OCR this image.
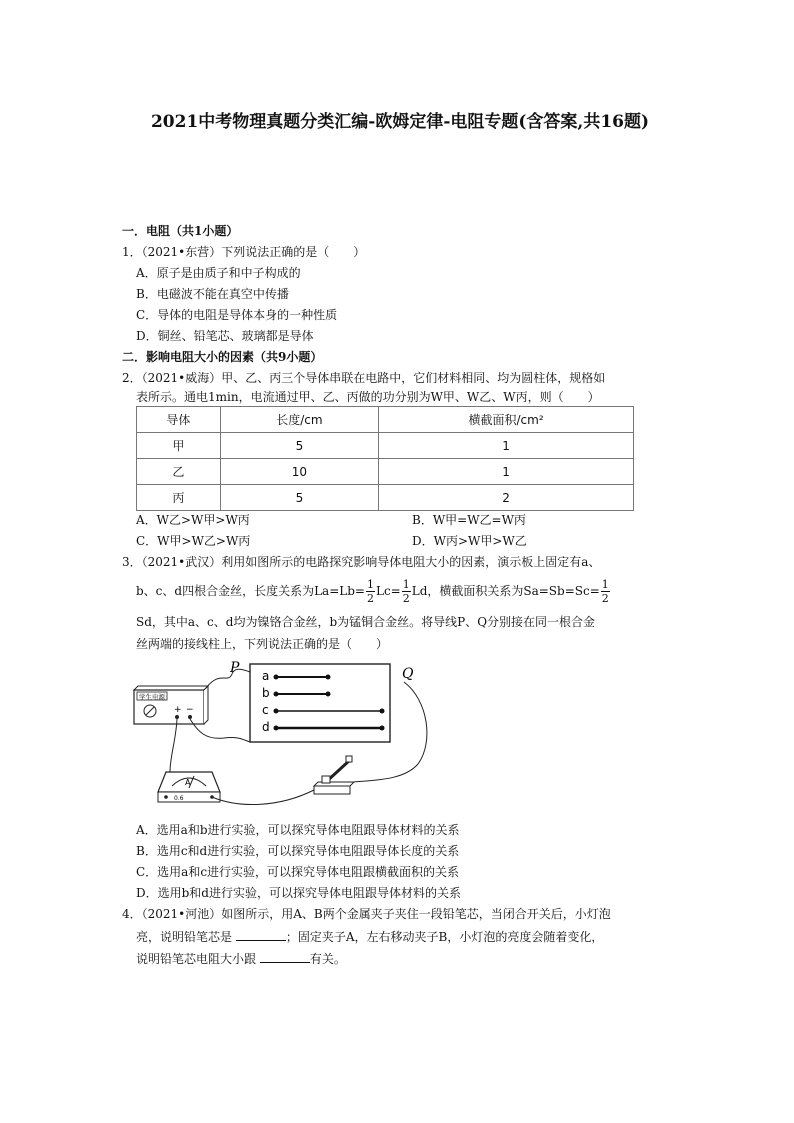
2021中考物理真题分类汇编-欧姆定律-电阻专题(含答案,共16题)
一．电阻（共1小题）
1．（2021•东营）下列说法正确的是（　　）
A．原子是由质子和中子构成的
B．电磁波不能在真空中传播
C．导体的电阻是导体本身的一种性质
D．铜丝、铅笔芯、玻璃都是导体
二．影响电阻大小的因素（共9小题）
2．（2021•威海）甲、乙、丙三个导体串联在电路中，它们材料相同、均为圆柱体，规格如
表所示。通电1min，电流通过甲、乙、丙做的功分别为W甲、W乙、W丙，则（　　）
导体	长度/cm	横截面积/cm²
甲	5	1
乙	10	1
丙	5	2
A．W乙>W甲>W丙	B．W甲=W乙=W丙
C．W甲>W乙>W丙	D．W丙>W甲>W乙
3．（2021•武汉）利用如图所示的电路探究影响导体电阻大小的因素，演示板上固定有a、
b、c、d四根合金丝，长度关系为$La=Lb= \frac{1}{2} Lc= \frac{1}{2}$ Ld，横截面积关系为$Sa=Sb=Sc= \frac{1}{2}$
Sd，其中a、c、d均为镍铬合金丝，b为锰铜合金丝。将导线P、Q分别接在同一根合金
丝两端的接线柱上，下列说法正确的是（　　）
P	Q
a
b
c
d
学生电源
+ −
A
0.6
A．选用a和b进行实验，可以探究导体电阻跟导体材料的关系
B．选用c和d进行实验，可以探究导体电阻跟导体长度的关系
C．选用a和c进行实验，可以探究导体电阻跟横截面积的关系
D．选用b和d进行实验，可以探究导体电阻跟导体材料的关系
4．（2021•河池）如图所示，用A、B两个金属夹子夹住一段铅笔芯，当闭合开关后，小灯泡
亮，说明铅笔芯是	；固定夹子A，左右移动夹子B，小灯泡的亮度会随着变化，
说明铅笔芯电阻大小跟	有关。
